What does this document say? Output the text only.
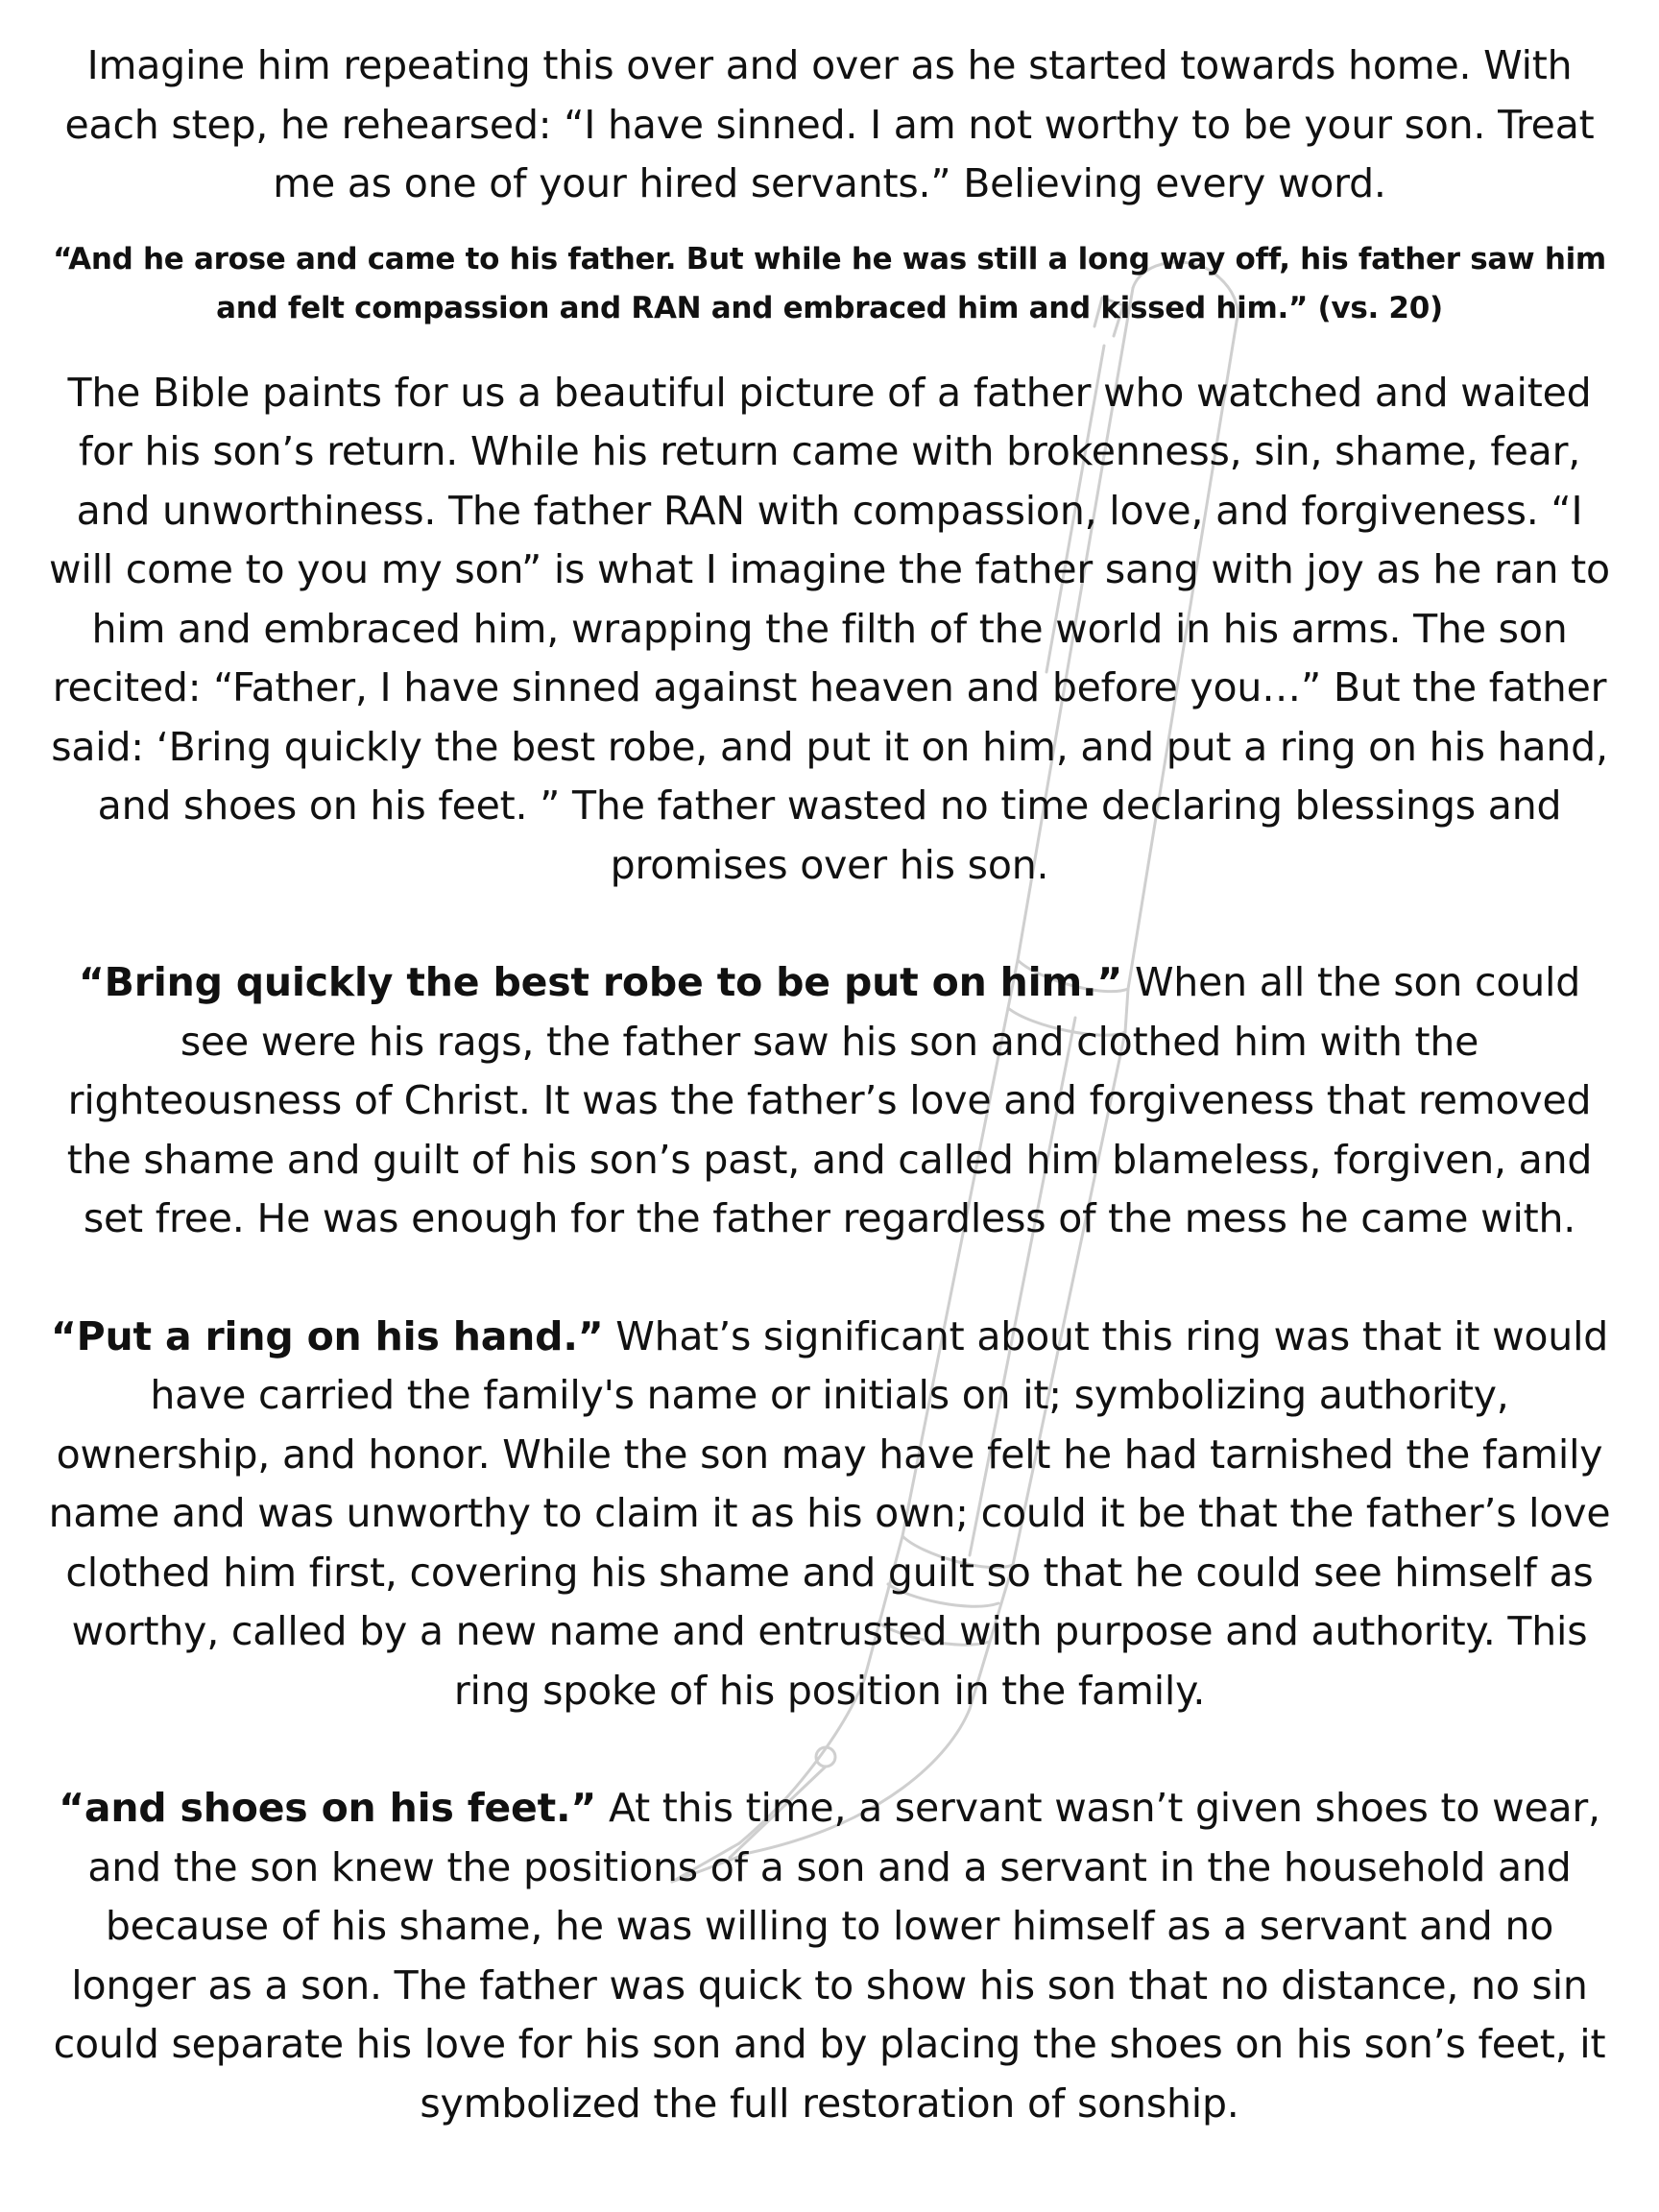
Imagine him repeating this over and over as he started towards home. With each step, he rehearsed: “I have sinned. I am not worthy to be your son. Treat me as one of your hired servants.” Believing every word.

“And he arose and came to his father. But while he was still a long way off, his father saw him and felt compassion and RAN and embraced him and kissed him.” (vs. 20)

The Bible paints for us a beautiful picture of a father who watched and waited for his son’s return. While his return came with brokenness, sin, shame, fear, and unworthiness. The father RAN with compassion, love, and forgiveness. “I will come to you my son” is what I imagine the father sang with joy as he ran to him and embraced him, wrapping the filth of the world in his arms. The son recited: “Father, I have sinned against heaven and before you…” But the father said: ‘Bring quickly the best robe, and put it on him, and put a ring on his hand, and shoes on his feet. ” The father wasted no time declaring blessings and promises over his son.

“Bring quickly the best robe to be put on him.” When all the son could see were his rags, the father saw his son and clothed him with the righteousness of Christ. It was the father’s love and forgiveness that removed the shame and guilt of his son’s past, and called him blameless, forgiven, and set free. He was enough for the father regardless of the mess he came with.

“Put a ring on his hand.” What’s significant about this ring was that it would have carried the family's name or initials on it; symbolizing authority, ownership, and honor. While the son may have felt he had tarnished the family name and was unworthy to claim it as his own; could it be that the father’s love clothed him first, covering his shame and guilt so that he could see himself as worthy, called by a new name and entrusted with purpose and authority. This ring spoke of his position in the family.

“and shoes on his feet.” At this time, a servant wasn’t given shoes to wear, and the son knew the positions of a son and a servant in the household and because of his shame, he was willing to lower himself as a servant and no longer as a son. The father was quick to show his son that no distance, no sin could separate his love for his son and by placing the shoes on his son’s feet, it symbolized the full restoration of sonship.
